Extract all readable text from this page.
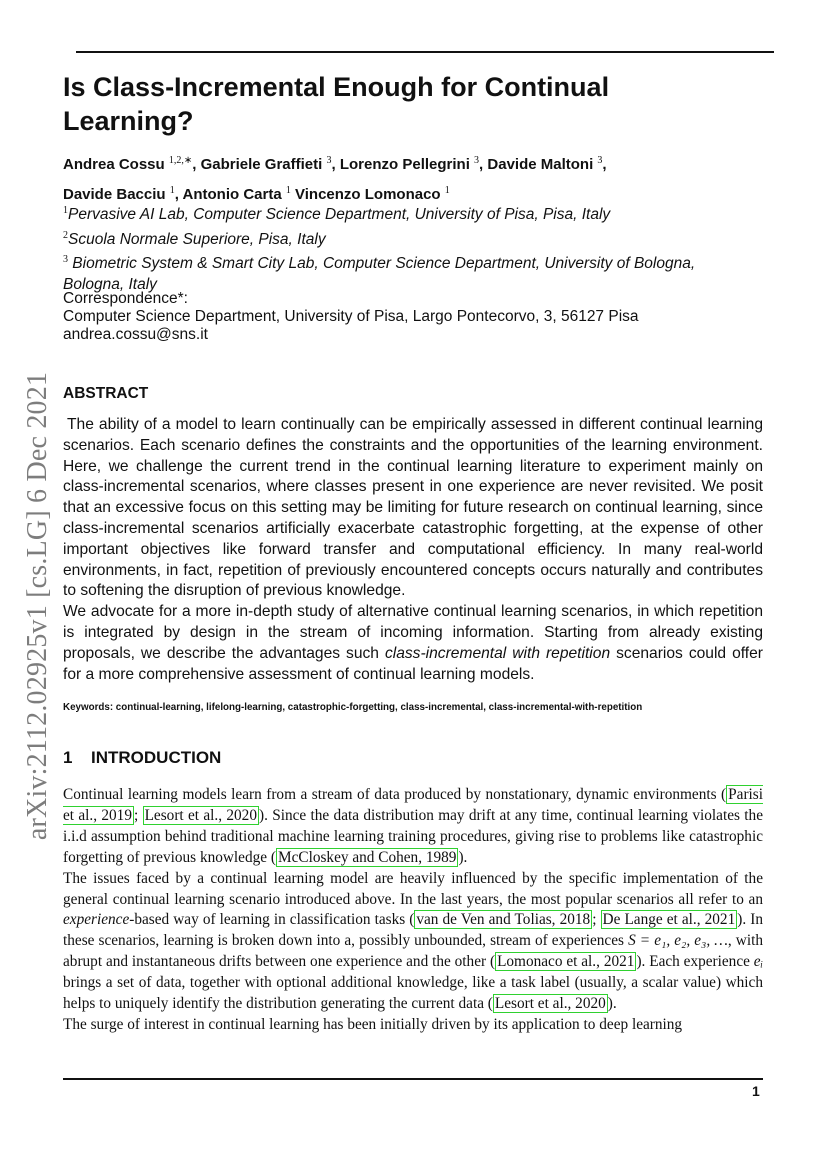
arXiv:2112.02925v1 [cs.LG] 6 Dec 2021
Is Class-Incremental Enough for Continual Learning?
Andrea Cossu $^{1,2,∗}$, Gabriele Graffieti $^3$, Lorenzo Pellegrini $^3$, Davide Maltoni $^3$,
Davide Bacciu $^1$, Antonio Carta $^1$ Vincenzo Lomonaco $^1$
$^1$Pervasive AI Lab, Computer Science Department, University of Pisa, Pisa, Italy
$^2$Scuola Normale Superiore, Pisa, Italy
$^3$ Biometric System & Smart City Lab, Computer Science Department, University of Bologna, Bologna, Italy
Correspondence*:
Computer Science Department, University of Pisa, Largo Pontecorvo, 3, 56127 Pisa
andrea.cossu@sns.it
ABSTRACT

The ability of a model to learn continually can be empirically assessed in different continual learning scenarios. Each scenario defines the constraints and the opportunities of the learning environment. Here, we challenge the current trend in the continual learning literature to experiment mainly on class-incremental scenarios, where classes present in one experience are never revisited. We posit that an excessive focus on this setting may be limiting for future research on continual learning, since class-incremental scenarios artificially exacerbate catastrophic forgetting, at the expense of other important objectives like forward transfer and computational efficiency. In many real-world environments, in fact, repetition of previously encountered concepts occurs naturally and contributes to softening the disruption of previous knowledge.

We advocate for a more in-depth study of alternative continual learning scenarios, in which repetition is integrated by design in the stream of incoming information. Starting from already existing proposals, we describe the advantages such class-incremental with repetition scenarios could offer for a more comprehensive assessment of continual learning models.

Keywords: continual-learning, lifelong-learning, catastrophic-forgetting, class-incremental, class-incremental-with-repetition
1 INTRODUCTION

Continual learning models learn from a stream of data produced by nonstationary, dynamic environments ( Parisi et al., 2019 ; Lesort et al., 2020 ). Since the data distribution may drift at any time, continual learning violates the i.i.d assumption behind traditional machine learning training procedures, giving rise to problems like catastrophic forgetting of previous knowledge ( McCloskey and Cohen, 1989 ).

The issues faced by a continual learning model are heavily influenced by the specific implementation of the general continual learning scenario introduced above. In the last years, the most popular scenarios all refer to an experience-based way of learning in classification tasks ( van de Ven and Tolias, 2018 ; De Lange et al., 2021 ). In these scenarios, learning is broken down into a, possibly unbounded, stream of experiences S = e₁, e₂, e₃, …, with abrupt and instantaneous drifts between one experience and the other ( Lomonaco et al., 2021 ). Each experience eᵢ brings a set of data, together with optional additional knowledge, like a task label (usually, a scalar value) which helps to uniquely identify the distribution generating the current data ( Lesort et al., 2020 ).

The surge of interest in continual learning has been initially driven by its application to deep learning

1
